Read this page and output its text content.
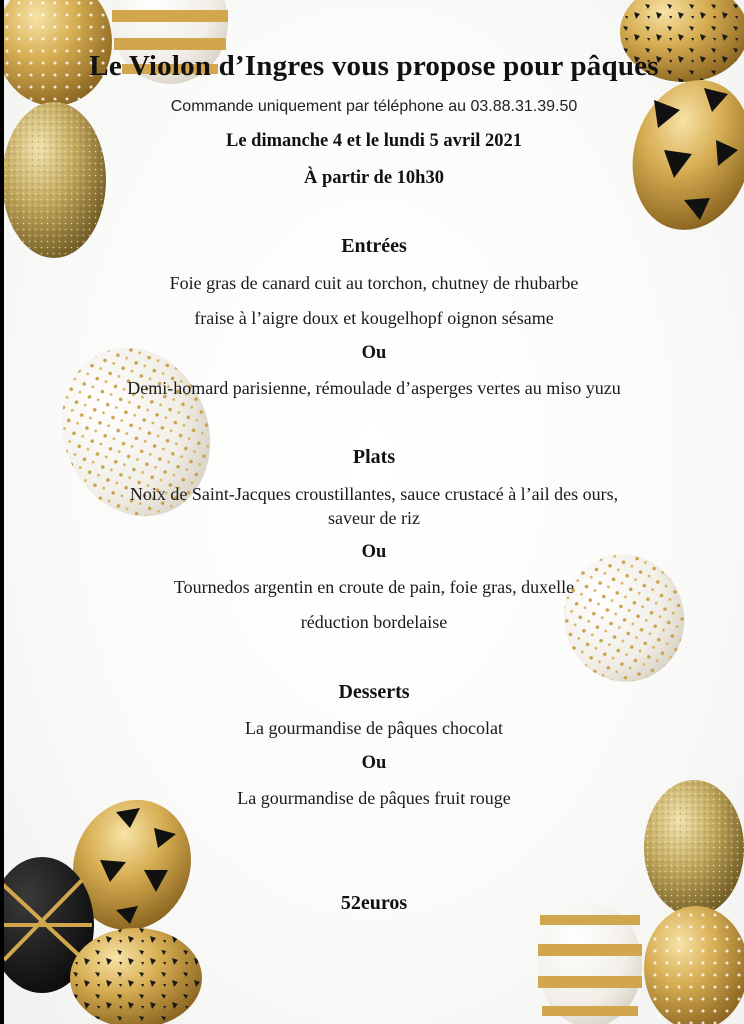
Le Violon d’Ingres vous propose pour pâques

Commande uniquement par téléphone au 03.88.31.39.50

Le dimanche 4 et le lundi 5 avril 2021

À partir de 10h30

Entrées

Foie gras de canard cuit au torchon, chutney de rhubarbe

fraise à l’aigre doux et kougelhopf oignon sésame

Ou

Demi-homard parisienne, rémoulade d’asperges vertes au miso yuzu

Plats

Noix de Saint-Jacques croustillantes, sauce crustacé à l’ail des ours,

saveur de riz

Ou

Tournedos argentin en croute de pain, foie gras, duxelle

réduction bordelaise

Desserts

La gourmandise de pâques chocolat

Ou

La gourmandise de pâques fruit rouge

52euros
